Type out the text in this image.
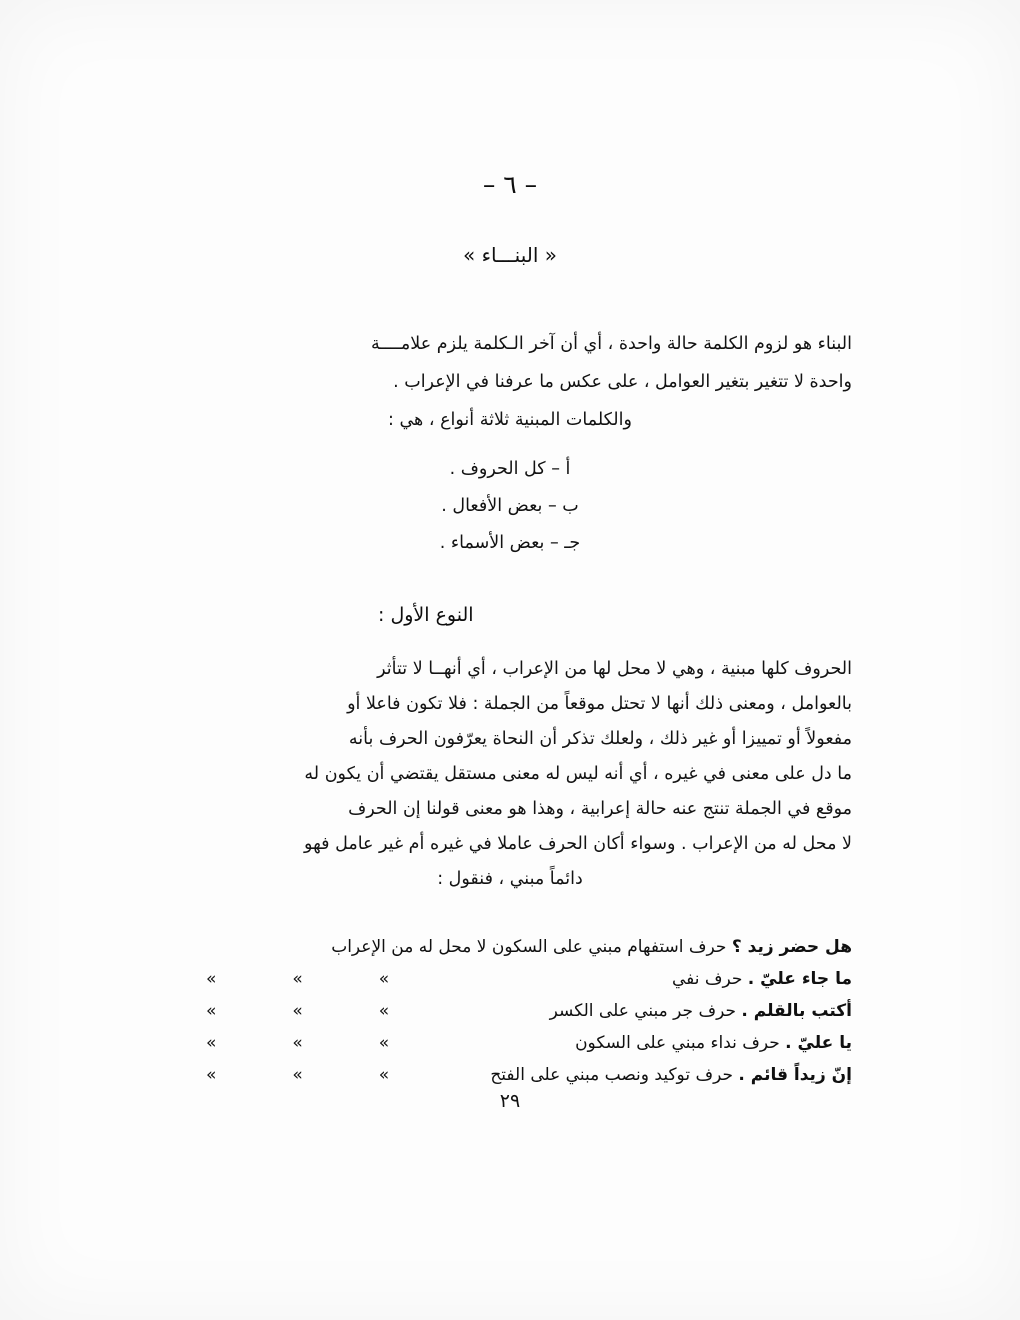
– ٦ –
« البنـــاء »

البناء هو لزوم الكلمة حالة واحدة ، أي أن آخر الـكلمة يلزم علامــــة

واحدة لا تتغير بتغير العوامل ، على عكس ما عرفنا في الإعراب .

والكلمات المبنية ثلاثة أنواع ، هي :

أ – كل الحروف .
ب – بعض الأفعال .
جـ – بعض الأسماء .
النوع الأول :

الحروف كلها مبنية ، وهي لا محل لها من الإعراب ، أي أنهــا لا تتأثر

بالعوامل ، ومعنى ذلك أنها لا تحتل موقعاً من الجملة : فلا تكون فاعلا أو

مفعولاً أو تمييزا أو غير ذلك ، ولعلك تذكر أن النحاة يعرّفون الحرف بأنه

ما دل على معنى في غيره ، أي أنه ليس له معنى مستقل يقتضي أن يكون له

موقع في الجملة تنتج عنه حالة إعرابية ، وهذا هو معنى قولنا إن الحرف

لا محل له من الإعراب . وسواء أكان الحرف عاملا في غيره أم غير عامل فهو

دائماً مبني ، فنقول :

هل حضر زيد ؟ حرف استفهام مبني على السكون لا محل له من الإعراب			
ما جاء عليّ . حرف نفي	»	»	»
أكتب بالقلم . حرف جر مبني على الكسر	»	»	»
يا عليّ . حرف نداء مبني على السكون	»	»	»
إنّ زيداً قائم . حرف توكيد ونصب مبني على الفتح	»	»	»
٢٩
